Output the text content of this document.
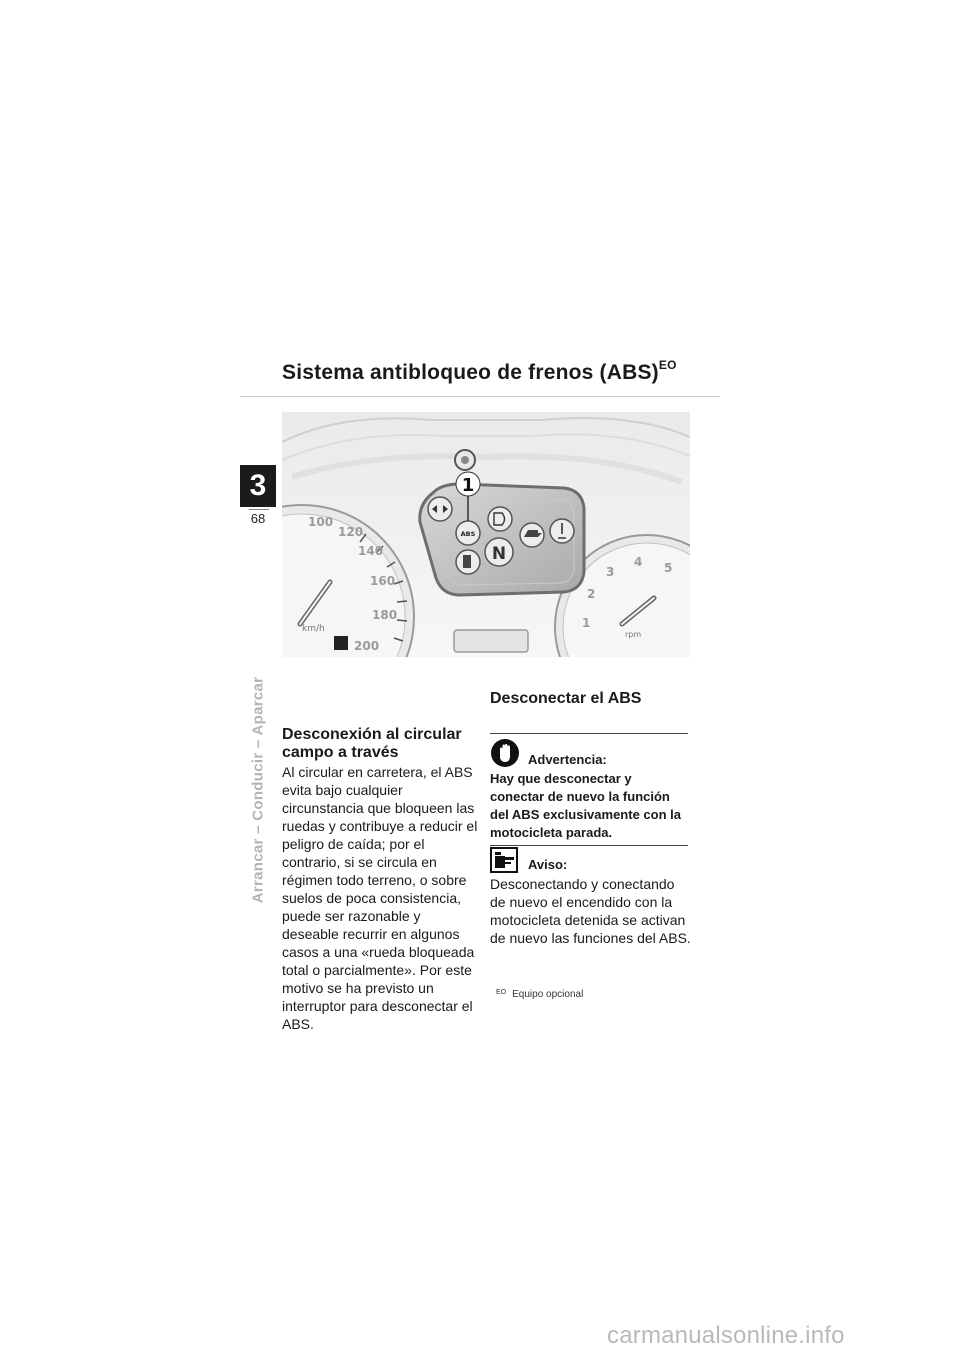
Sistema antibloqueo de frenos (ABS)$^{EO}$
3
68
Arrancar – Conducir – Aparcar
100
120
140
160
180
200
km/h	1
2
3
4 5
rpm
ABS
N
1
Desconexión al circular campo a través

Al circular en carretera, el ABS evita bajo cualquier circunstancia que bloqueen las ruedas y contribuye a reducir el peligro de caída; por el contrario, si se circula en régimen todo terreno, o sobre suelos de poca consistencia, puede ser razonable y deseable recurrir en algunos casos a una «rueda bloqueada total o parcialmente». Por este motivo se ha previsto un interruptor para desconectar el ABS.

Desconectar el ABS
Advertencia:
Hay que desconectar y conectar de nuevo la función del ABS exclusivamente con la motocicleta parada.
Aviso:

Desconectando y conectando de nuevo el encendido con la motocicleta detenida se activan de nuevo las funciones del ABS.

$^{EO}$ Equipo opcional
carmanualsonline.info
